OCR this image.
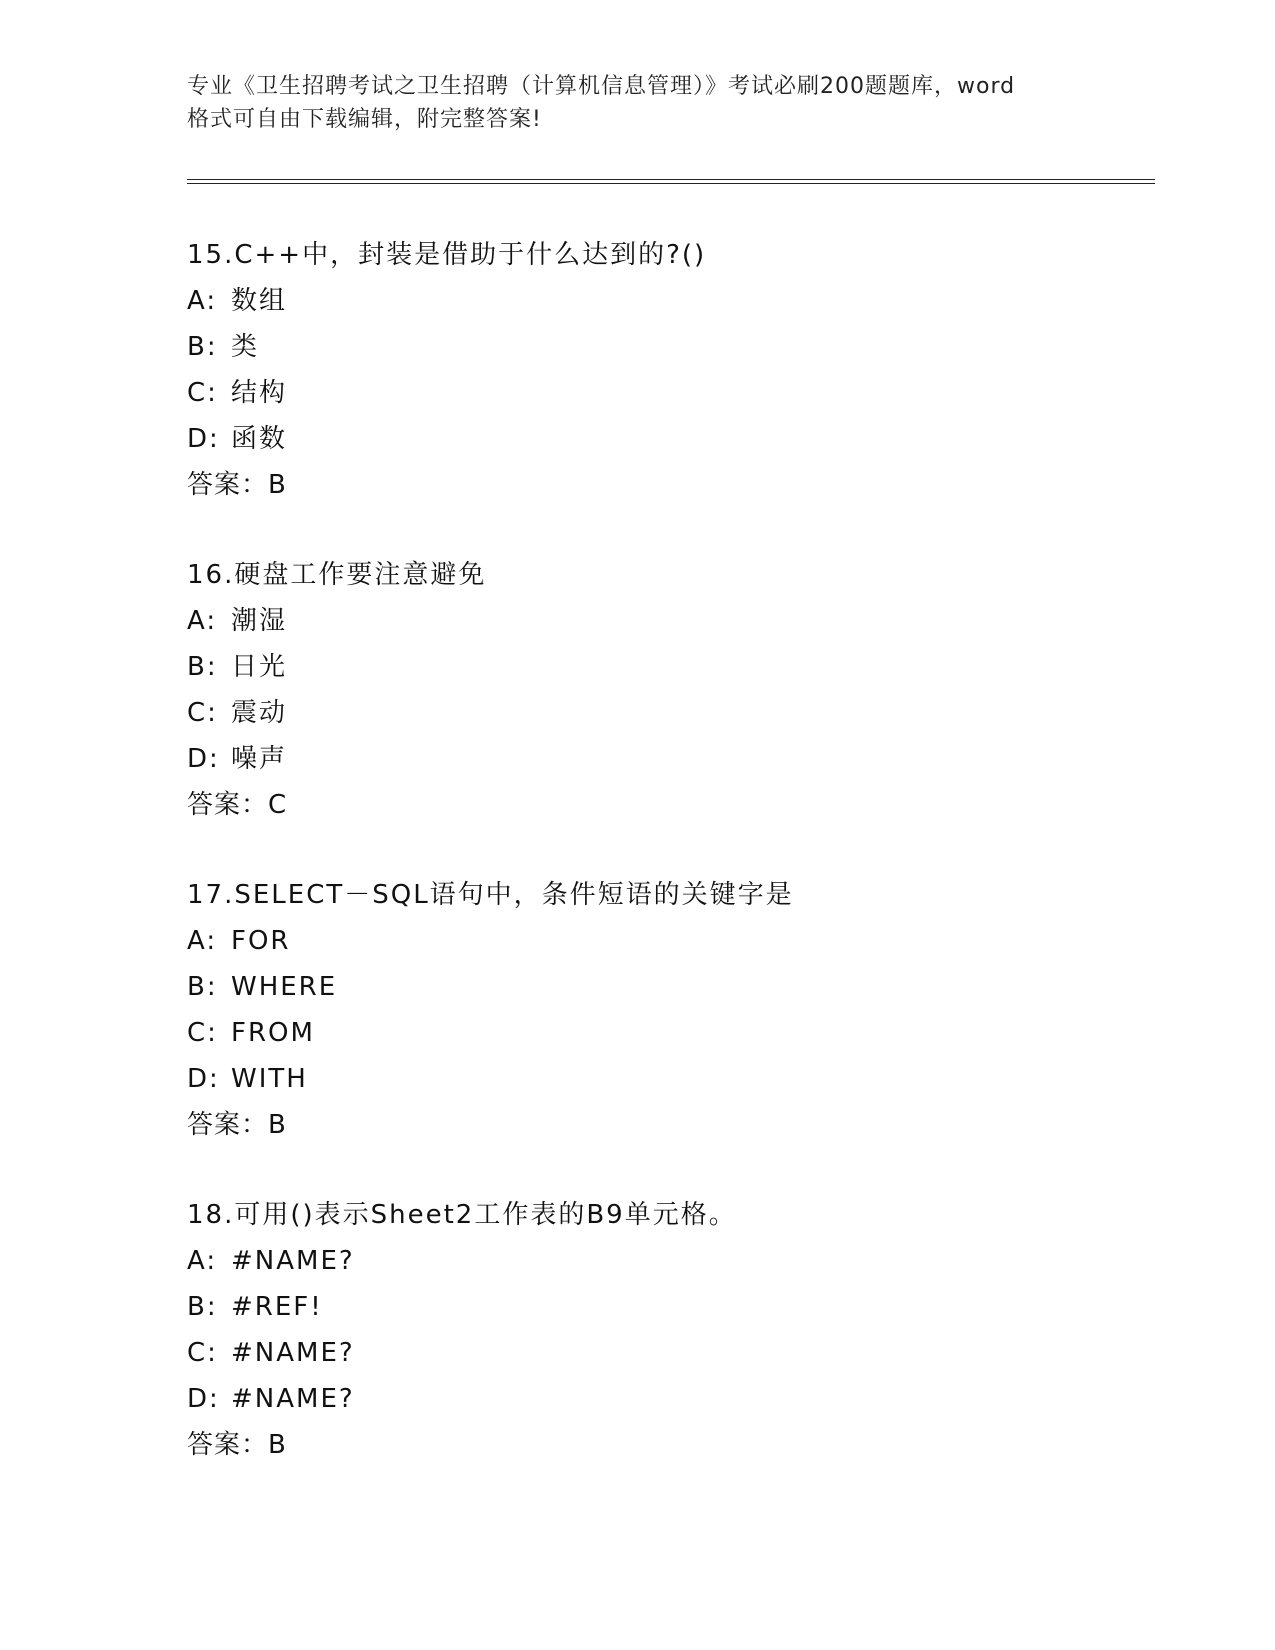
专业《卫生招聘考试之卫生招聘（计算机信息管理）》考试必刷200题题库，word
格式可自由下载编辑，附完整答案!
15.C++中，封装是借助于什么达到的?()
A: 数组
B: 类
C: 结构
D: 函数
答案：B
16.硬盘工作要注意避免
A: 潮湿
B: 日光
C: 震动
D: 噪声
答案：C
17.SELECT－SQL语句中，条件短语的关键字是
A: FOR
B: WHERE
C: FROM
D: WITH
答案：B
18.可用()表示Sheet2工作表的B9单元格。
A: #NAME?
B: #REF!
C: #NAME?
D: #NAME?
答案：B
